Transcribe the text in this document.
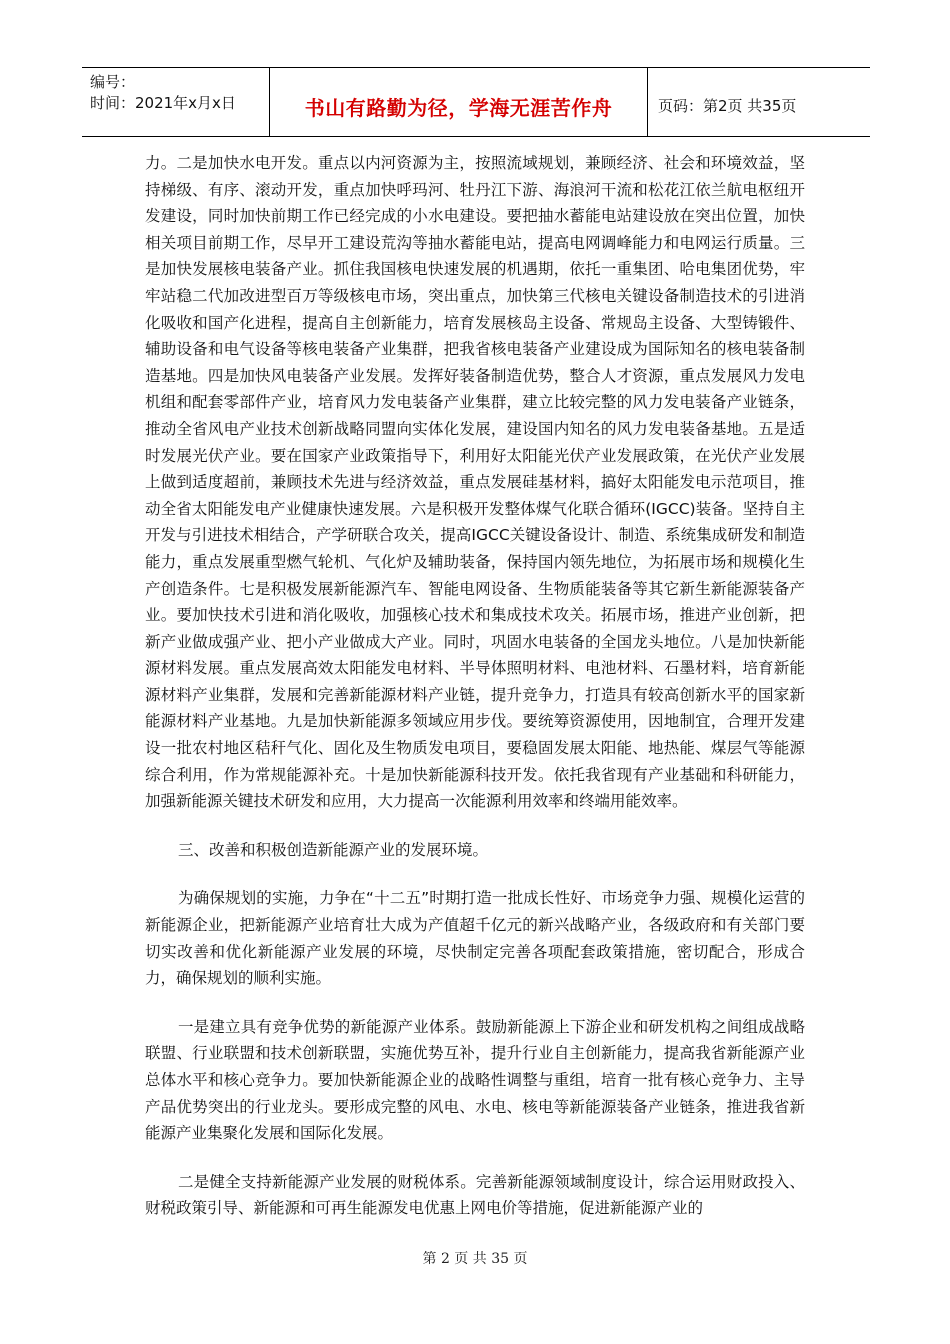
编号：
时间：2021年x月x日	书山有路勤为径，学海无涯苦作舟	页码：第2页 共35页

力。二是加快水电开发。重点以内河资源为主，按照流域规划，兼顾经济、社会和环境效益，坚持梯级、有序、滚动开发，重点加快呼玛河、牡丹江下游、海浪河干流和松花江依兰航电枢纽开发建设，同时加快前期工作已经完成的小水电建设。要把抽水蓄能电站建设放在突出位置，加快相关项目前期工作，尽早开工建设荒沟等抽水蓄能电站，提高电网调峰能力和电网运行质量。三是加快发展核电装备产业。抓住我国核电快速发展的机遇期，依托一重集团、哈电集团优势，牢牢站稳二代加改进型百万等级核电市场，突出重点，加快第三代核电关键设备制造技术的引进消化吸收和国产化进程，提高自主创新能力，培育发展核岛主设备、常规岛主设备、大型铸锻件、辅助设备和电气设备等核电装备产业集群，把我省核电装备产业建设成为国际知名的核电装备制造基地。四是加快风电装备产业发展。发挥好装备制造优势，整合人才资源，重点发展风力发电机组和配套零部件产业，培育风力发电装备产业集群，建立比较完整的风力发电装备产业链条，推动全省风电产业技术创新战略同盟向实体化发展，建设国内知名的风力发电装备基地。五是适时发展光伏产业。要在国家产业政策指导下，利用好太阳能光伏产业发展政策，在光伏产业发展上做到适度超前，兼顾技术先进与经济效益，重点发展硅基材料，搞好太阳能发电示范项目，推动全省太阳能发电产业健康快速发展。六是积极开发整体煤气化联合循环(IGCC)装备。坚持自主开发与引进技术相结合，产学研联合攻关，提高IGCC关键设备设计、制造、系统集成研发和制造能力，重点发展重型燃气轮机、气化炉及辅助装备，保持国内领先地位，为拓展市场和规模化生产创造条件。七是积极发展新能源汽车、智能电网设备、生物质能装备等其它新生新能源装备产业。要加快技术引进和消化吸收，加强核心技术和集成技术攻关。拓展市场，推进产业创新，把新产业做成强产业、把小产业做成大产业。同时，巩固水电装备的全国龙头地位。八是加快新能源材料发展。重点发展高效太阳能发电材料、半导体照明材料、电池材料、石墨材料，培育新能源材料产业集群，发展和完善新能源材料产业链，提升竞争力，打造具有较高创新水平的国家新能源材料产业基地。九是加快新能源多领域应用步伐。要统筹资源使用，因地制宜，合理开发建设一批农村地区秸秆气化、固化及生物质发电项目，要稳固发展太阳能、地热能、煤层气等能源综合利用，作为常规能源补充。十是加快新能源科技开发。依托我省现有产业基础和科研能力，加强新能源关键技术研发和应用，大力提高一次能源利用效率和终端用能效率。

三、改善和积极创造新能源产业的发展环境。

为确保规划的实施，力争在“十二五”时期打造一批成长性好、市场竞争力强、规模化运营的新能源企业，把新能源产业培育壮大成为产值超千亿元的新兴战略产业，各级政府和有关部门要切实改善和优化新能源产业发展的环境，尽快制定完善各项配套政策措施，密切配合，形成合力，确保规划的顺利实施。

一是建立具有竞争优势的新能源产业体系。鼓励新能源上下游企业和研发机构之间组成战略联盟、行业联盟和技术创新联盟，实施优势互补，提升行业自主创新能力，提高我省新能源产业总体水平和核心竞争力。要加快新能源企业的战略性调整与重组，培育一批有核心竞争力、主导产品优势突出的行业龙头。要形成完整的风电、水电、核电等新能源装备产业链条，推进我省新能源产业集聚化发展和国际化发展。

二是健全支持新能源产业发展的财税体系。完善新能源领域制度设计，综合运用财政投入、财税政策引导、新能源和可再生能源发电优惠上网电价等措施，促进新能源产业的

第 2 页 共 35 页
